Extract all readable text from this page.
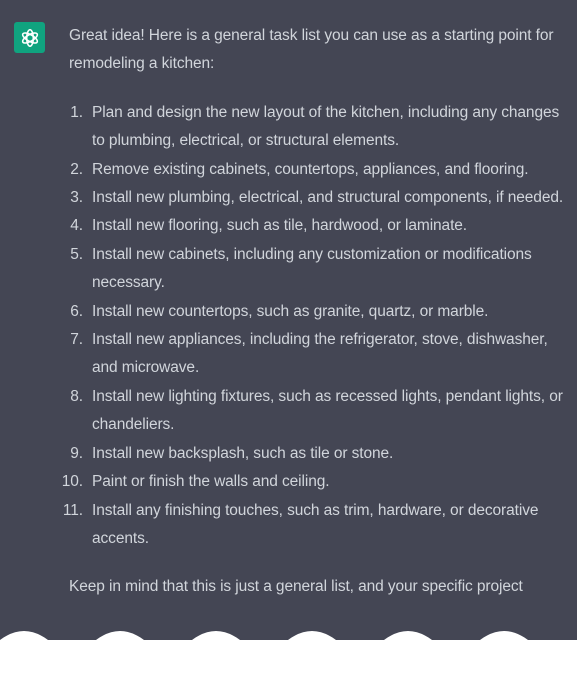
Great idea! Here is a general task list you can use as a starting point for remodeling a kitchen:

1. Plan and design the new layout of the kitchen, including any changes to plumbing, electrical, or structural elements.
2. Remove existing cabinets, countertops, appliances, and flooring.
3. Install new plumbing, electrical, and structural components, if needed.
4. Install new flooring, such as tile, hardwood, or laminate.
5. Install new cabinets, including any customization or modifications necessary.
6. Install new countertops, such as granite, quartz, or marble.
7. Install new appliances, including the refrigerator, stove, dishwasher, and microwave.
8. Install new lighting fixtures, such as recessed lights, pendant lights, or chandeliers.
9. Install new backsplash, such as tile or stone.
10. Paint or finish the walls and ceiling.
11. Install any finishing touches, such as trim, hardware, or decorative accents.

Keep in mind that this is just a general list, and your specific project
